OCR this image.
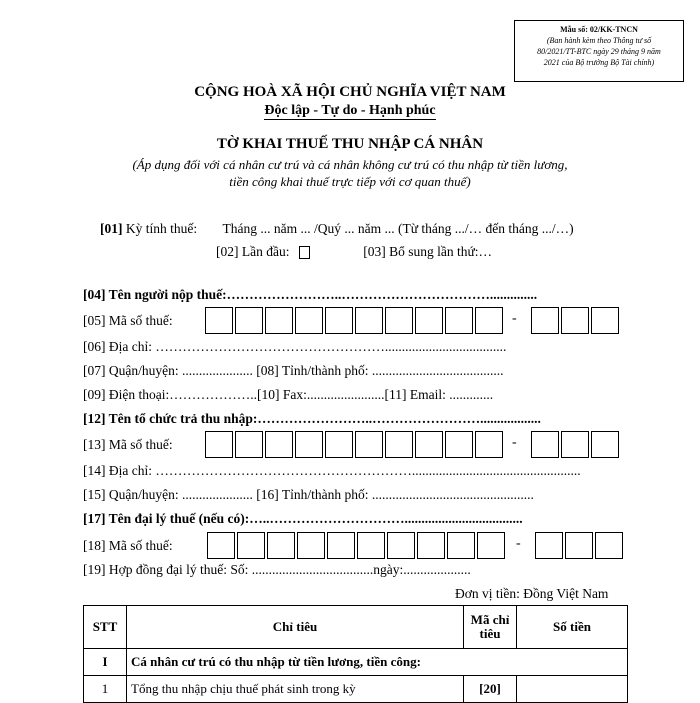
Mẫu số: 02/KK-TNCN
(Ban hành kèm theo Thông tư số
80/2021/TT-BTC ngày 29 tháng 9 năm
2021 của Bộ trưởng Bộ Tài chính)
CỘNG HOÀ XÃ HỘI CHỦ NGHĨA VIỆT NAM
Độc lập - Tự do - Hạnh phúc
TỜ KHAI THUẾ THU NHẬP CÁ NHÂN
(Áp dụng đối với cá nhân cư trú và cá nhân không cư trú có thu nhập từ tiền lương,
tiền công khai thuế trực tiếp với cơ quan thuế)
[01] Kỳ tính thuế: Tháng ... năm ... /Quý ... năm ... (Từ tháng .../… đến tháng .../…)
[02] Lần đầu:	[03] Bổ sung lần thứ:…
[04] Tên người nộp thuế:……………………..……………………………..............
[05] Mã số thuế:	-
[06] Địa chỉ: ……………………………………………....................................
[07] Quận/huyện: ..................... [08] Tỉnh/thành phố: .......................................
[09] Điện thoại:………………..[10] Fax:.......................[11] Email: .............
[12] Tên tổ chức trả thu nhập:……………………..……………………..................
[13] Mã số thuế:	-
[14] Địa chỉ: …………………………………………………..................................................
[15] Quận/huyện: ..................... [16] Tỉnh/thành phố: ................................................
[17] Tên đại lý thuế (nếu có):…..…………………………...................................
[18] Mã số thuế:	-
[19] Hợp đồng đại lý thuế: Số: ....................................ngày:....................
Đơn vị tiền: Đồng Việt Nam
STT	Chỉ tiêu	Mã chỉ tiêu	Số tiền
I	Cá nhân cư trú có thu nhập từ tiền lương, tiền công:		
1	Tổng thu nhập chịu thuế phát sinh trong kỳ	[20]	
